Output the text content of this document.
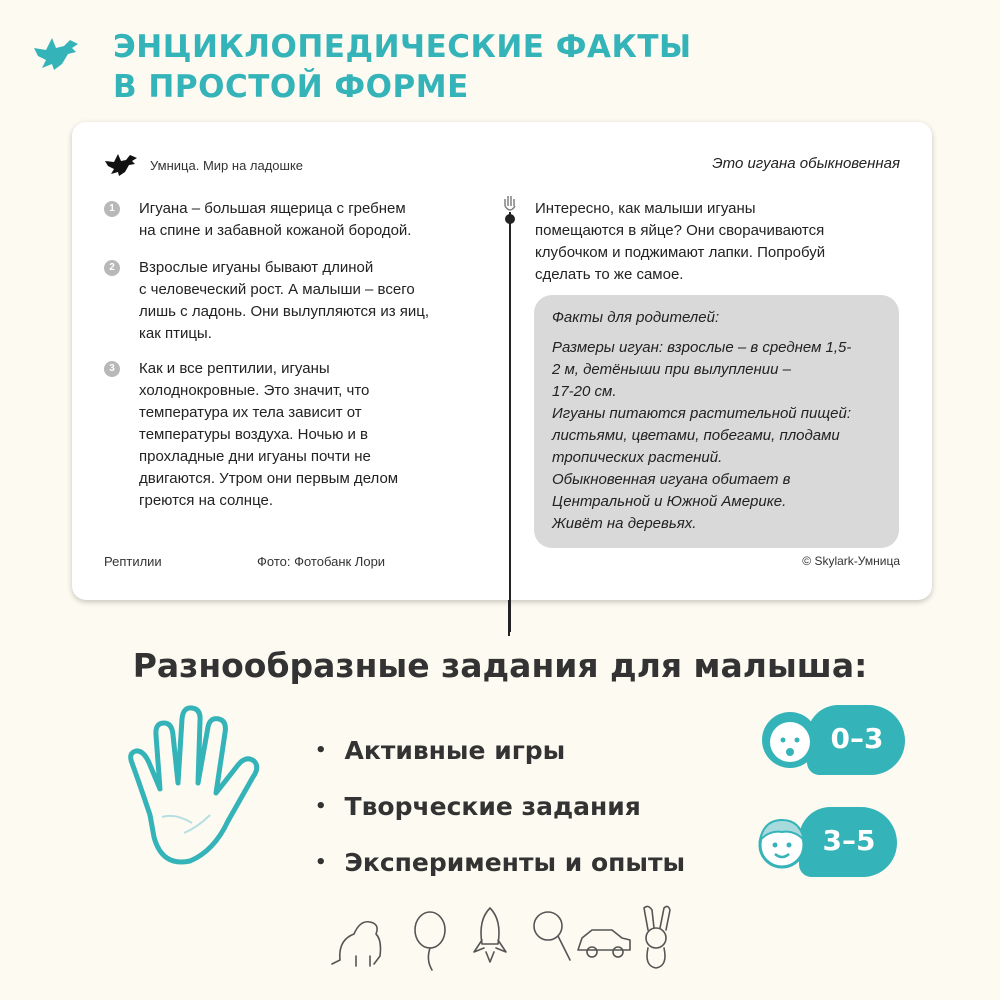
ЭНЦИКЛОПЕДИЧЕСКИЕ ФАКТЫ
В ПРОСТОЙ ФОРМЕ
Умница. Мир на ладошке	Это игуана обыкновенная
1	Игуана – большая ящерица с гребнем
на спине и забавной кожаной бородой.
2	Взрослые игуаны бывают длиной
с человеческий рост. А малыши – всего
лишь с ладонь. Они вылупляются из яиц,
как птицы.
3	Как и все рептилии, игуаны
холоднокровные. Это значит, что
температура их тела зависит от
температуры воздуха. Ночью и в
прохладные дни игуаны почти не
двигаются. Утром они первым делом
греются на солнце.
Интересно, как малыши игуаны
помещаются в яйце? Они сворачиваются
клубочком и поджимают лапки. Попробуй
сделать то же самое.
Факты для родителей:
Размеры игуан: взрослые – в среднем 1,5-
2 м, детёныши при вылуплении –
17-20 см.
Игуаны питаются растительной пищей:
листьями, цветами, побегами, плодами
тропических растений.
Обыкновенная игуана обитает в
Центральной и Южной Америке.
Живёт на деревьях.
Рептилии	Фото: Фотобанк Лори	© Skylark-Умница
Разнообразные задания для малыша:
• Активные игры
• Творческие задания
• Эксперименты и опыты
0–3
3–5
